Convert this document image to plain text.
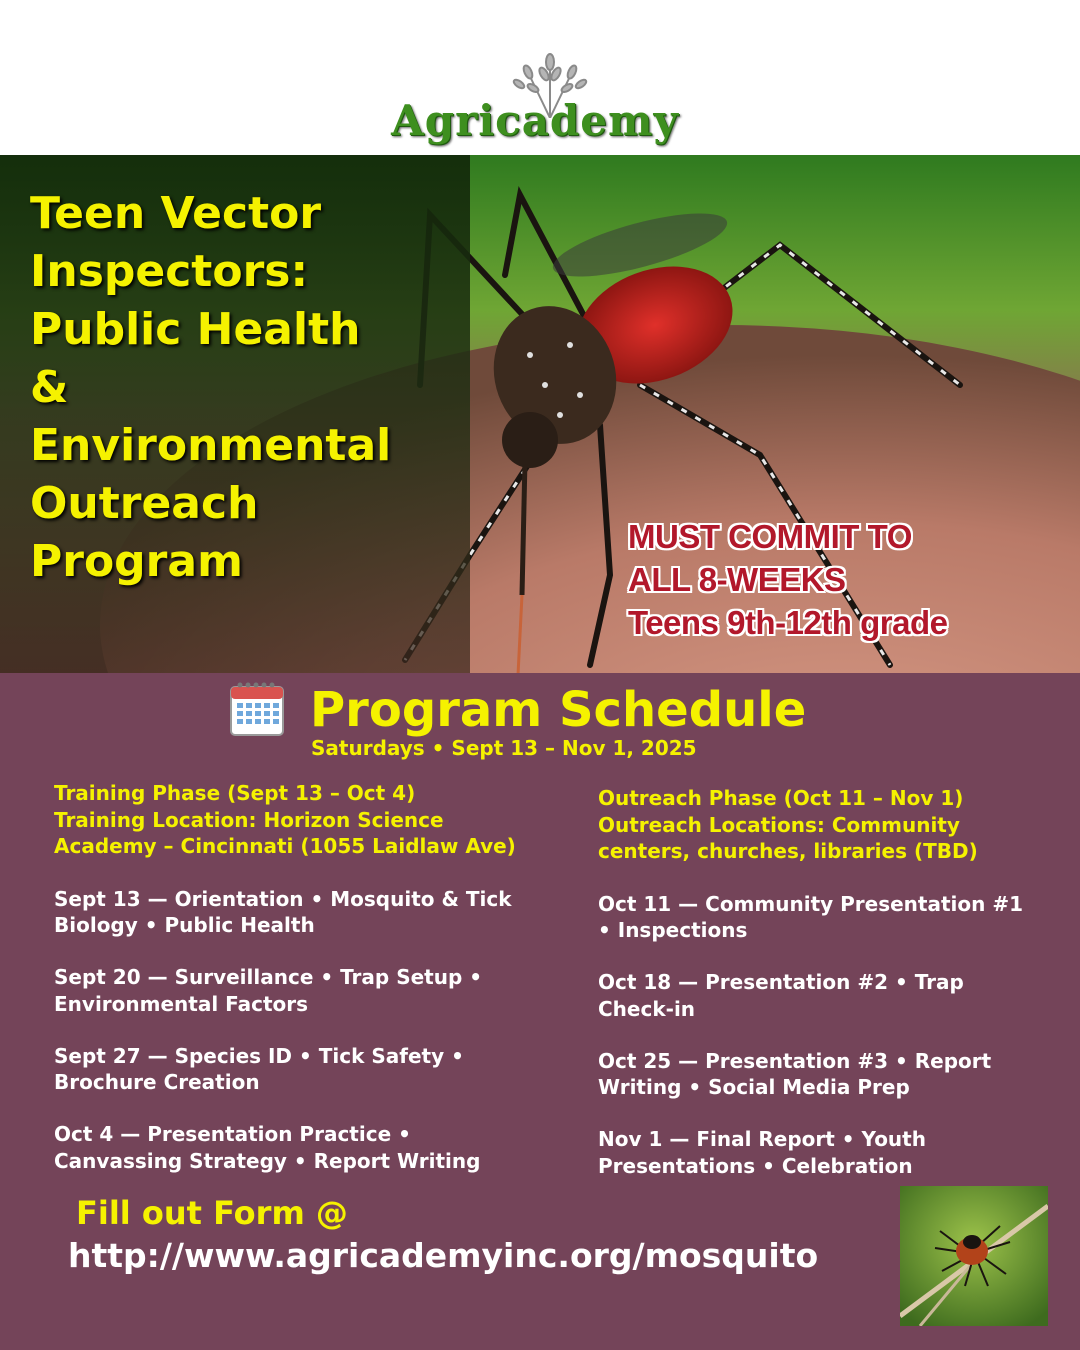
Agricademy
Teen Vector
Inspectors:
Public Health
&
Environmental
Outreach
Program	MUST COMMIT TO
ALL 8-WEEKS
Teens 9th-12th grade
Program Schedule
Saturdays • Sept 13 – Nov 1, 2025
Training Phase (Sept 13 – Oct 4)
Training Location: Horizon Science
Academy – Cincinnati (1055 Laidlaw Ave)
Sept 13 — Orientation • Mosquito & Tick
Biology • Public Health
Sept 20 — Surveillance • Trap Setup •
Environmental Factors
Sept 27 — Species ID • Tick Safety •
Brochure Creation
Oct 4 — Presentation Practice •
Canvassing Strategy • Report Writing
Outreach Phase (Oct 11 – Nov 1)
Outreach Locations: Community
centers, churches, libraries (TBD)
Oct 11 — Community Presentation #1
• Inspections
Oct 18 — Presentation #2 • Trap
Check-in
Oct 25 — Presentation #3 • Report
Writing • Social Media Prep
Nov 1 — Final Report • Youth
Presentations • Celebration
Fill out Form @
http://www.agricademyinc.org/mosquito
